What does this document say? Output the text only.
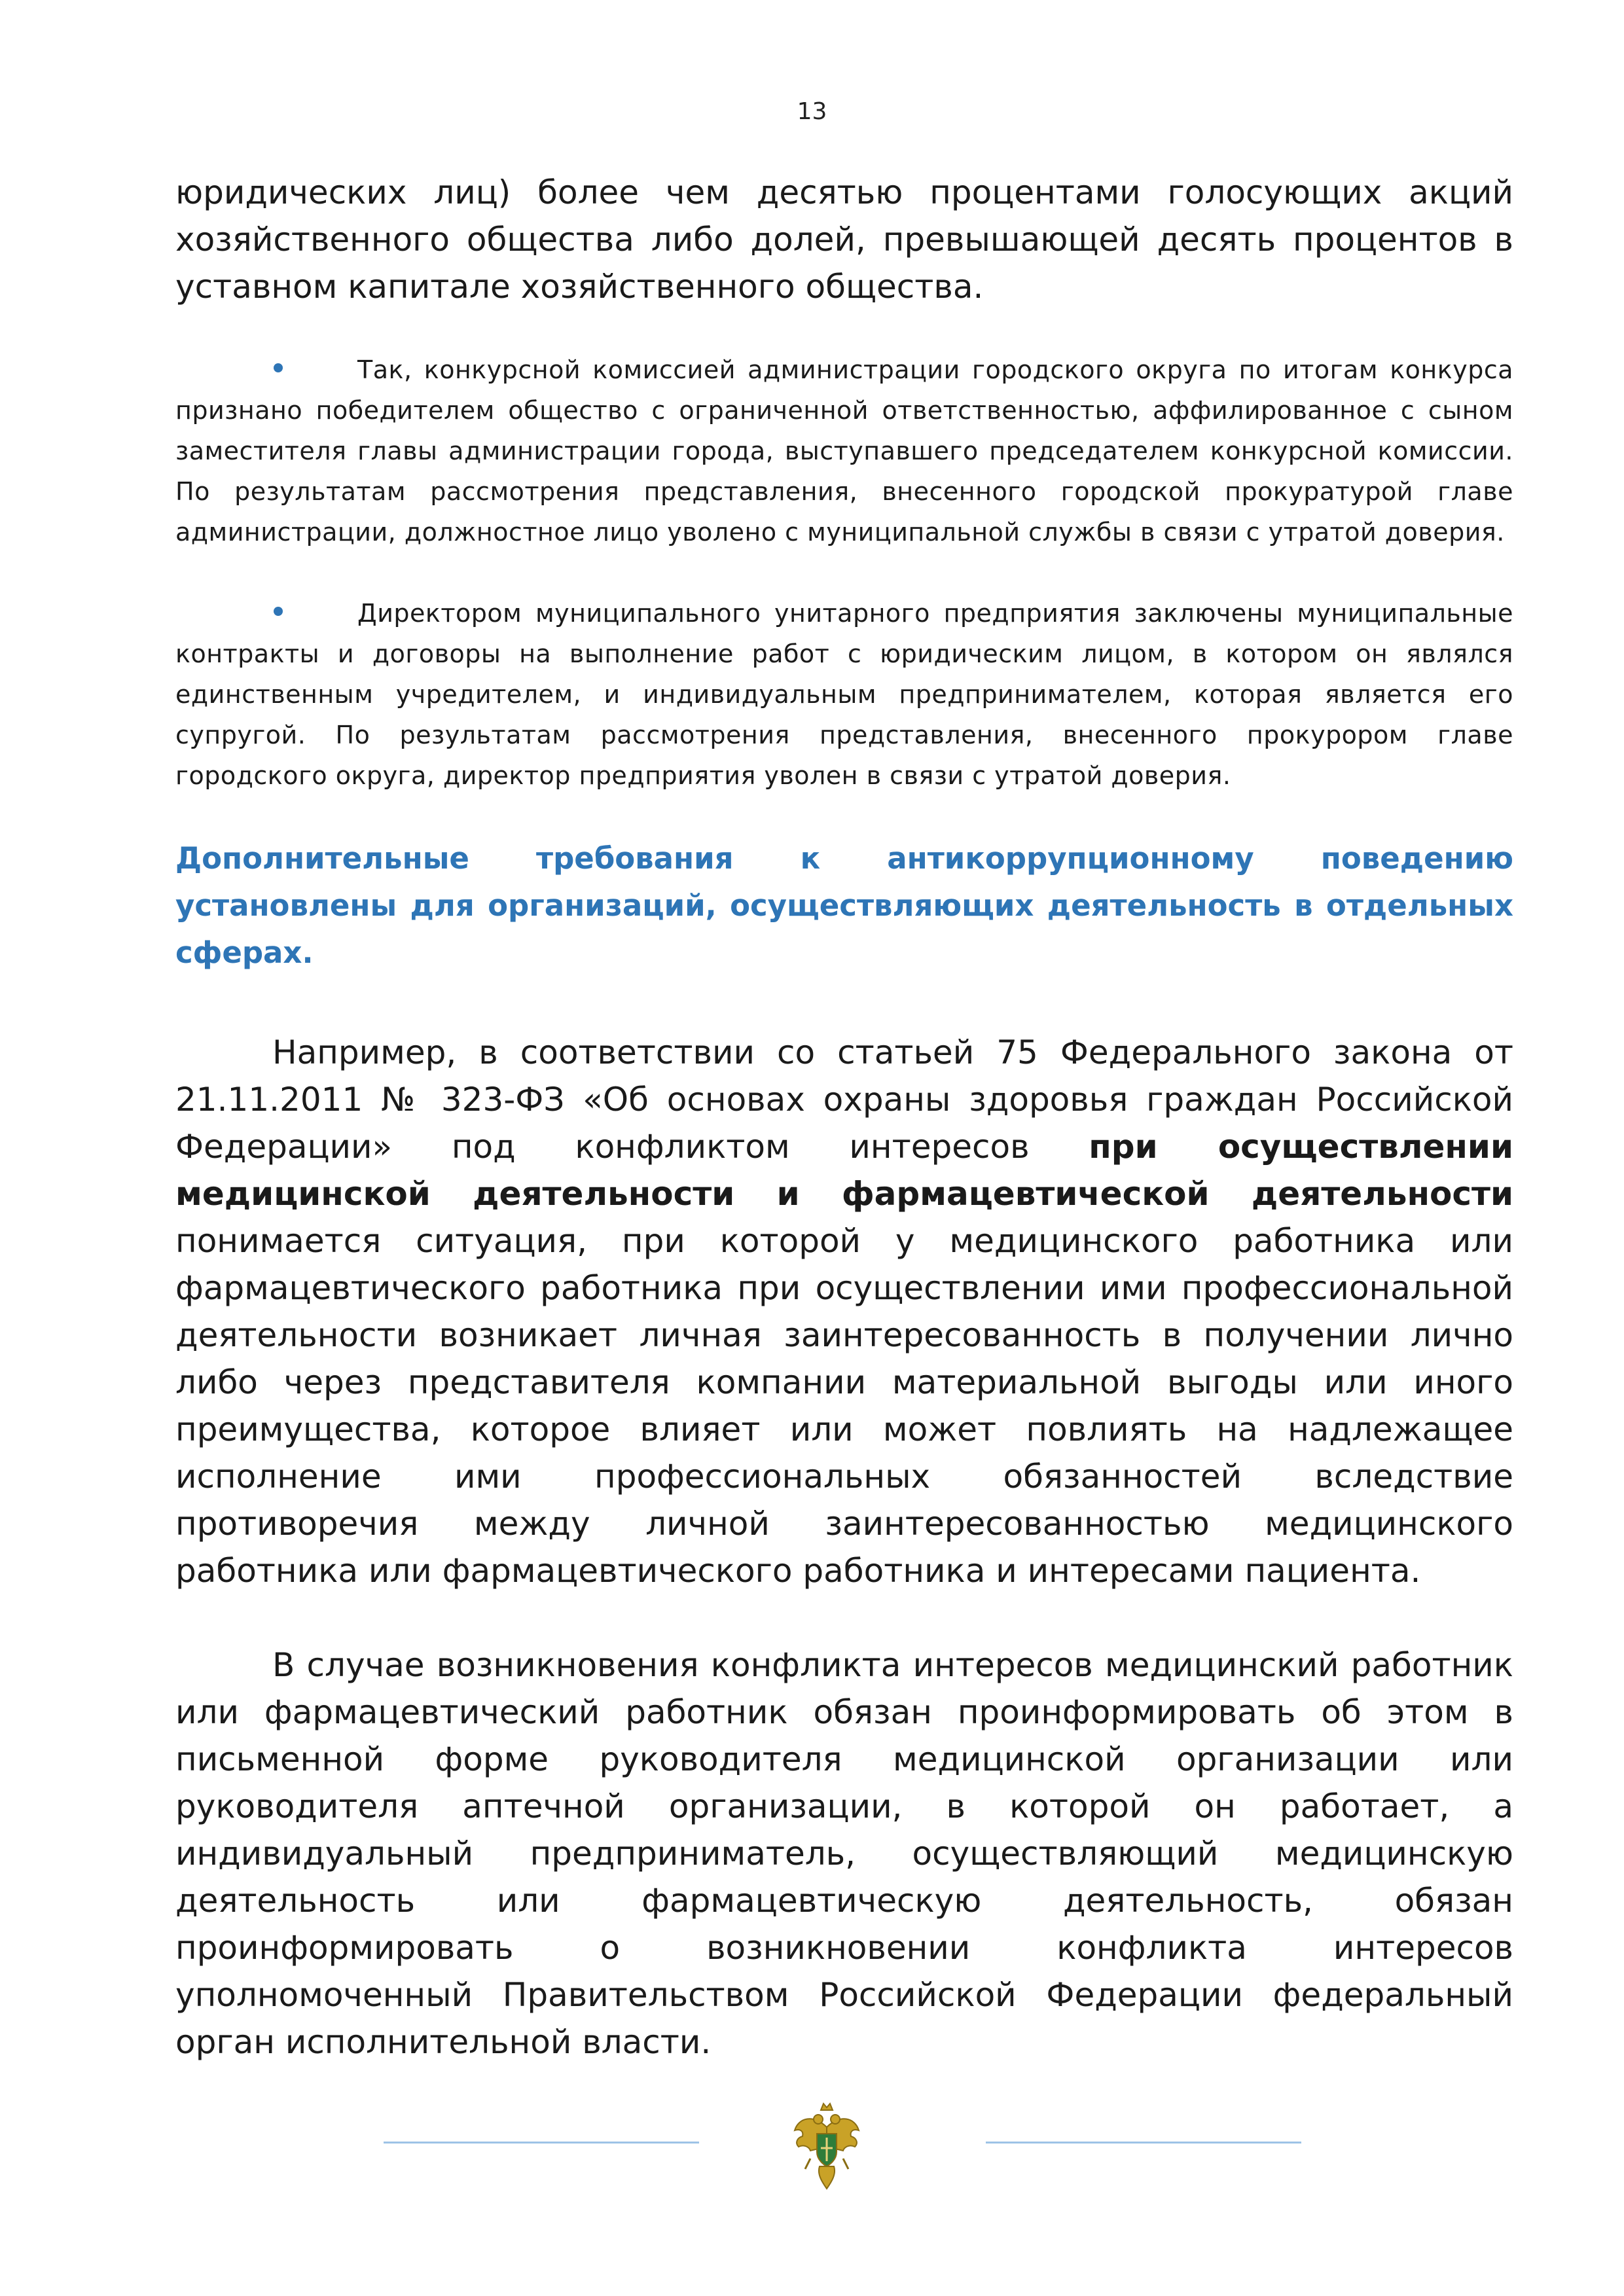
13

юридических лиц) более чем десятью процентами голосующих акций хозяйственного общества либо долей, превышающей десять процентов в уставном капитале хозяйственного общества.

Так, конкурсной комиссией администрации городского округа по итогам конкурса признано победителем общество с ограниченной ответственностью, аффилированное с сыном заместителя главы администрации города, выступавшего председателем конкурсной комиссии. По результатам рассмотрения представления, внесенного городской прокуратурой главе администрации, должностное лицо уволено с муниципальной службы в связи с утратой доверия.

Директором муниципального унитарного предприятия заключены муниципальные контракты и договоры на выполнение работ с юридическим лицом, в котором он являлся единственным учредителем, и индивидуальным предпринимателем, которая является его супругой. По результатам рассмотрения представления, внесенного прокурором главе городского округа, директор предприятия уволен в связи с утратой доверия.

Дополнительные требования к антикоррупционному поведению установлены для организаций, осуществляющих деятельность в отдельных сферах.

Например, в соответствии со статьей 75 Федерального закона от 21.11.2011 № 323-ФЗ «Об основах охраны здоровья граждан Российской Федерации» под конфликтом интересов при осуществлении медицинской деятельности и фармацевтической деятельности понимается ситуация, при которой у медицинского работника или фармацевтического работника при осуществлении ими профессиональной деятельности возникает личная заинтересованность в получении лично либо через представителя компании материальной выгоды или иного преимущества, которое влияет или может повлиять на надлежащее исполнение ими профессиональных обязанностей вследствие противоречия между личной заинтересованностью медицинского работника или фармацевтического работника и интересами пациента.

В случае возникновения конфликта интересов медицинский работник или фармацевтический работник обязан проинформировать об этом в письменной форме руководителя медицинской организации или руководителя аптечной организации, в которой он работает, а индивидуальный предприниматель, осуществляющий медицинскую деятельность или фармацевтическую деятельность, обязан проинформировать о возникновении конфликта интересов уполномоченный Правительством Российской Федерации федеральный орган исполнительной власти.
